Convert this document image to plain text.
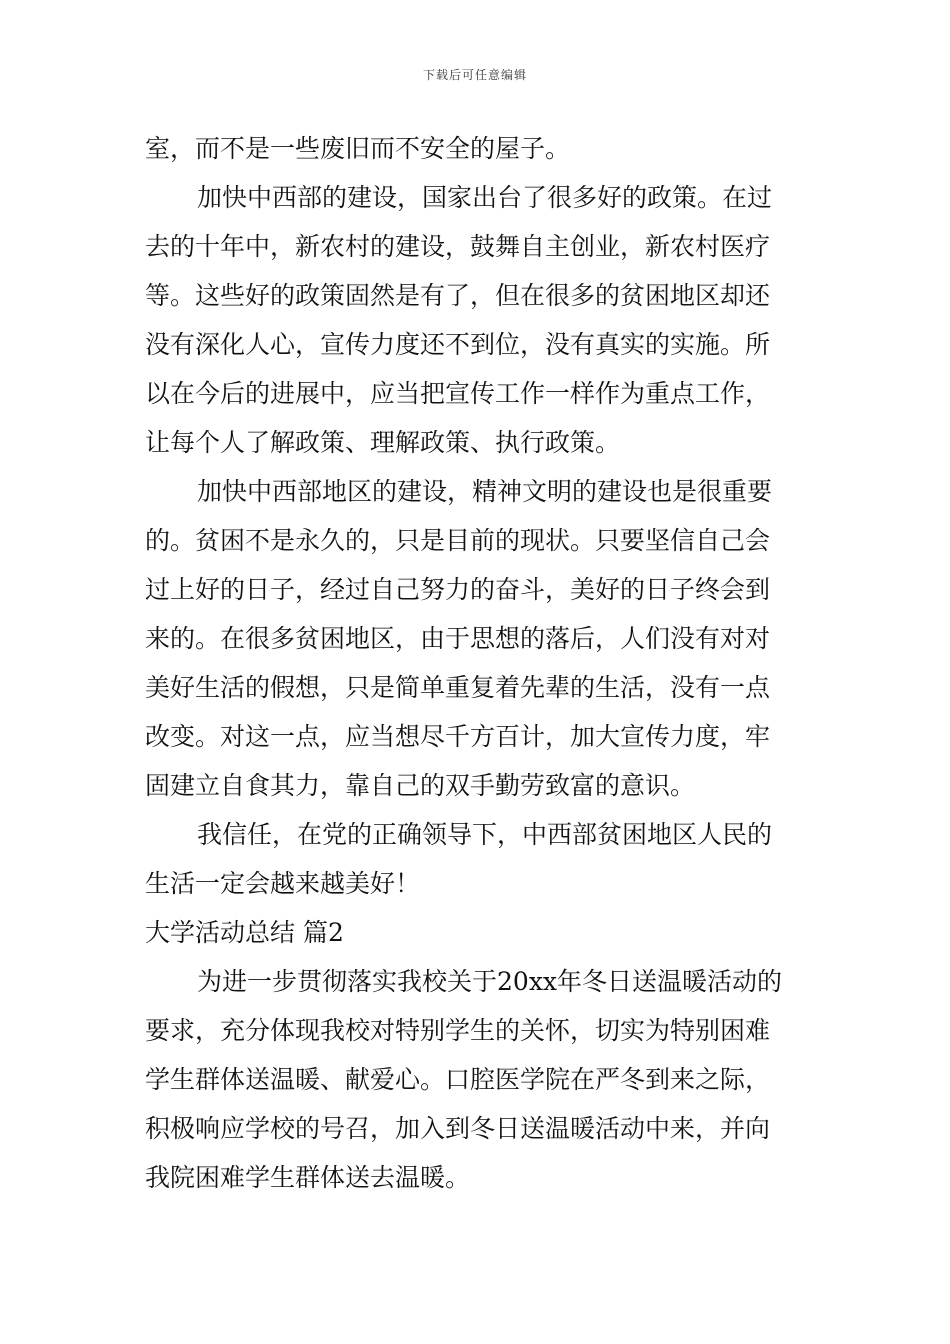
下载后可任意编辑
室，而不是一些废旧而不安全的屋子。
加快中西部的建设，国家出台了很多好的政策。在过
去的十年中，新农村的建设，鼓舞自主创业，新农村医疗
等。这些好的政策固然是有了，但在很多的贫困地区却还
没有深化人心，宣传力度还不到位，没有真实的实施。所
以在今后的进展中，应当把宣传工作一样作为重点工作，
让每个人了解政策、理解政策、执行政策。
加快中西部地区的建设，精神文明的建设也是很重要
的。贫困不是永久的，只是目前的现状。只要坚信自己会
过上好的日子，经过自己努力的奋斗，美好的日子终会到
来的。在很多贫困地区，由于思想的落后，人们没有对对
美好生活的假想，只是简单重复着先辈的生活，没有一点
改变。对这一点，应当想尽千方百计，加大宣传力度，牢
固建立自食其力，靠自己的双手勤劳致富的意识。
我信任，在党的正确领导下，中西部贫困地区人民的
生活一定会越来越美好！
大学活动总结 篇2
为进一步贯彻落实我校关于20xx年冬日送温暖活动的
要求，充分体现我校对特别学生的关怀，切实为特别困难
学生群体送温暖、献爱心。口腔医学院在严冬到来之际，
积极响应学校的号召，加入到冬日送温暖活动中来，并向
我院困难学生群体送去温暖。
